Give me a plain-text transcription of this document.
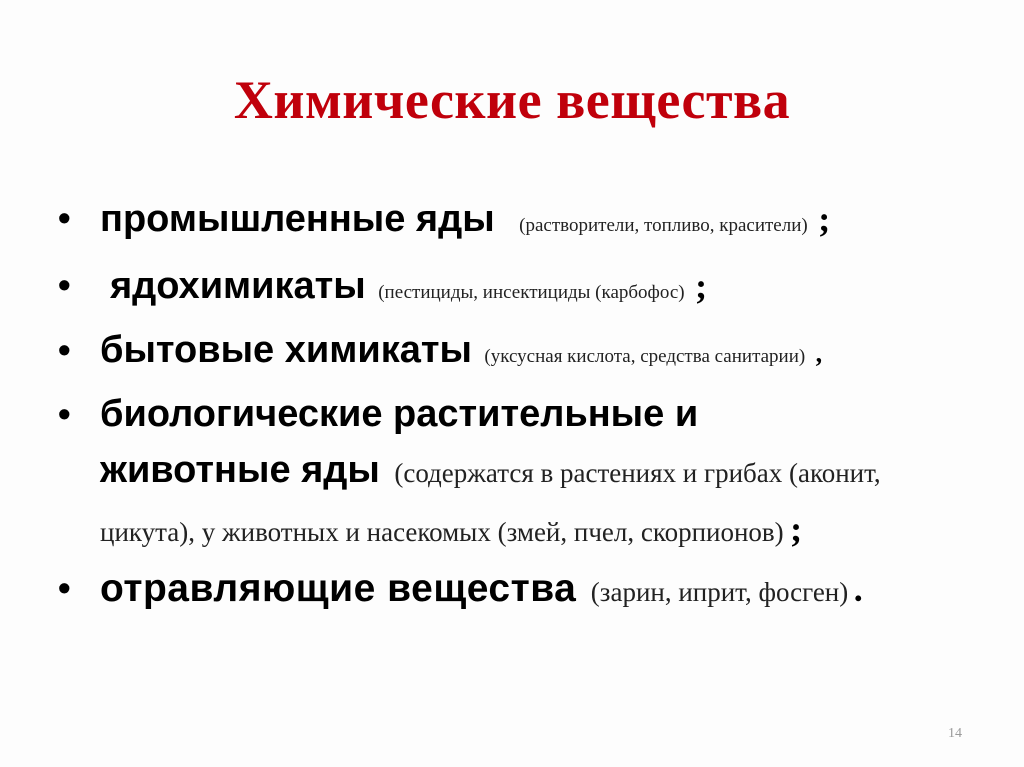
Химические вещества
• промышленные яды (растворители, топливо, красители) ;
• ядохимикаты (пестициды, инсектициды (карбофос) ;
• бытовые химикаты (уксусная кислота, средства санитарии) ,
• биологические растительные и
животные яды (содержатся в растениях и грибах (аконит,
цикута), у животных и насекомых (змей, пчел, скорпионов) ;
• отравляющие вещества (зарин, иприт, фосген) .
14
